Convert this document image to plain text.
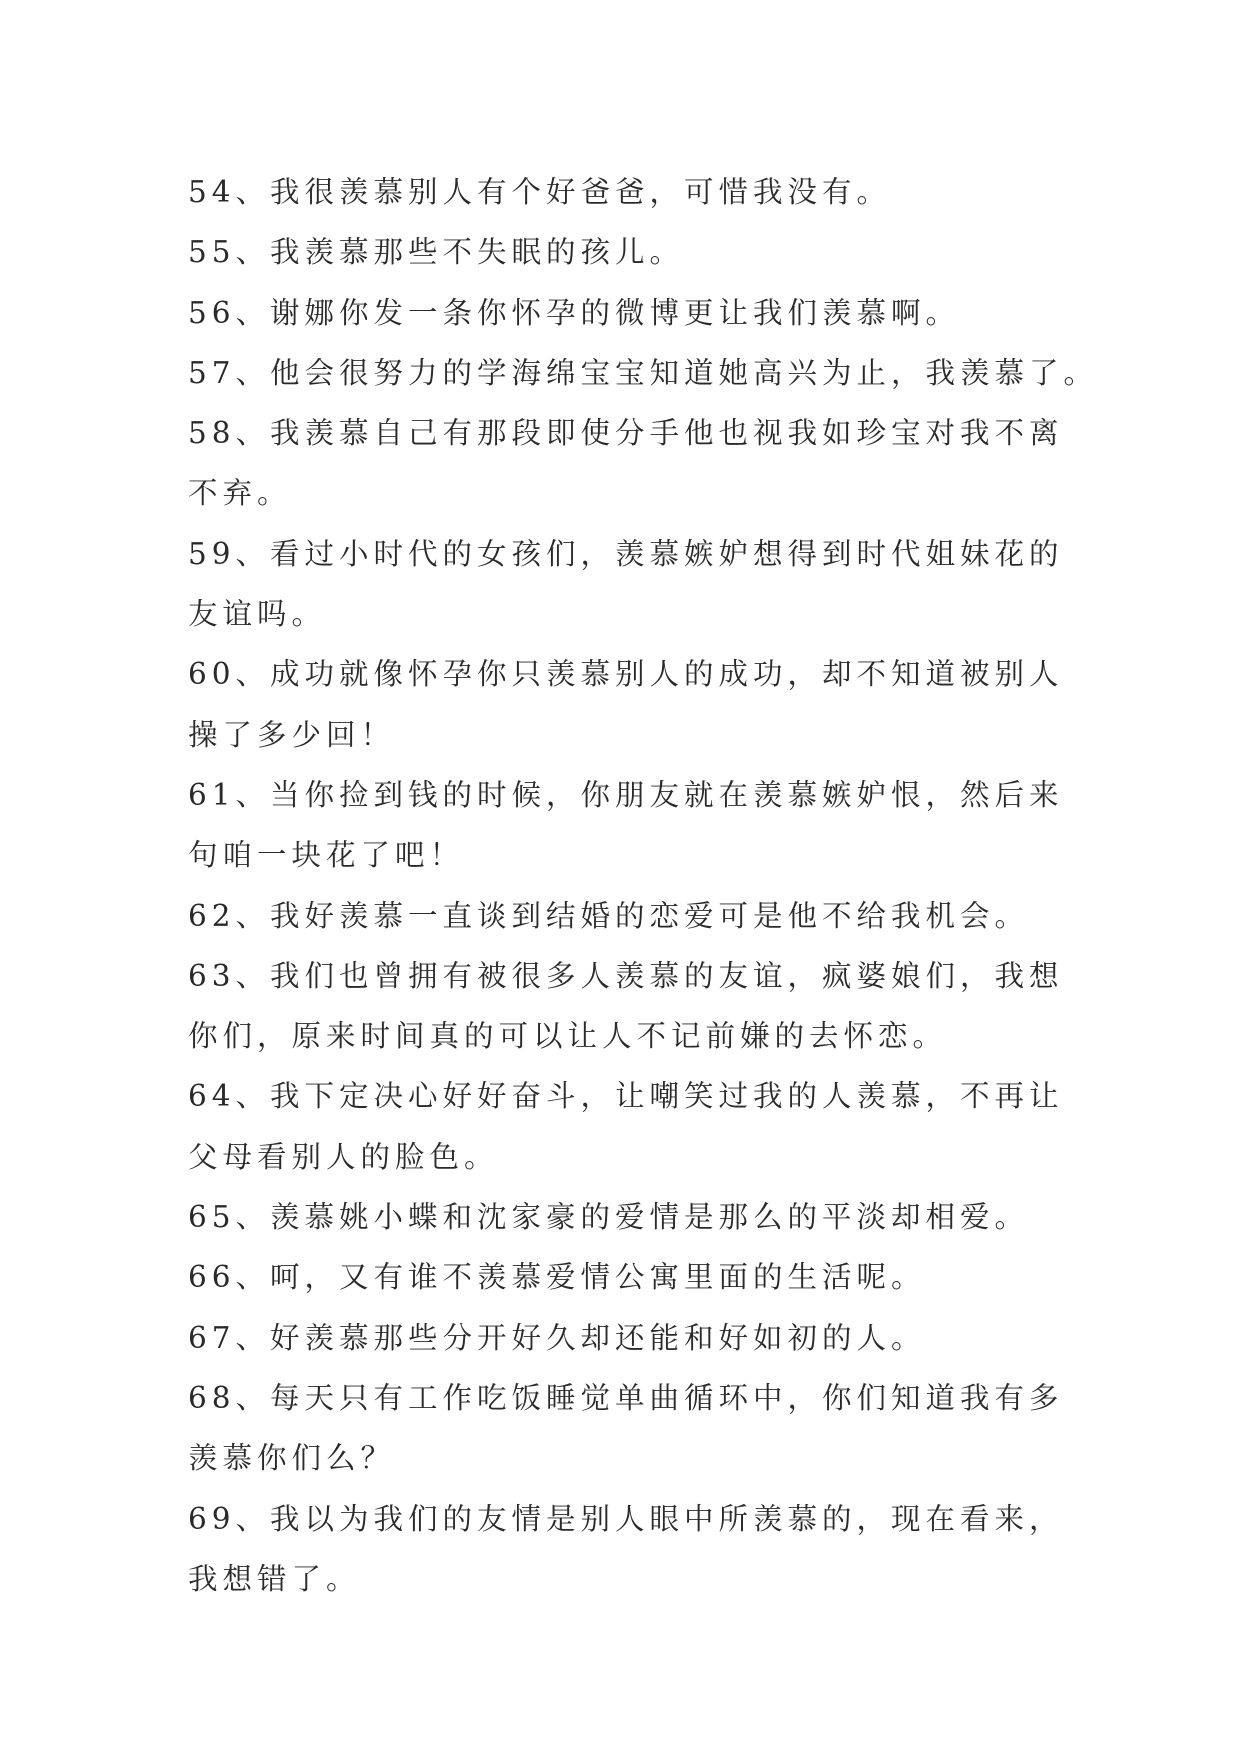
54、我很羡慕别人有个好爸爸，可惜我没有。

55、我羡慕那些不失眠的孩儿。

56、谢娜你发一条你怀孕的微博更让我们羡慕啊。

57、他会很努力的学海绵宝宝知道她高兴为止，我羡慕了。

58、我羡慕自己有那段即使分手他也视我如珍宝对我不离不弃。

59、看过小时代的女孩们，羡慕嫉妒想得到时代姐妹花的友谊吗。

60、成功就像怀孕你只羡慕别人的成功，却不知道被别人操了多少回！

61、当你捡到钱的时候，你朋友就在羡慕嫉妒恨，然后来句咱一块花了吧！

62、我好羡慕一直谈到结婚的恋爱可是他不给我机会。

63、我们也曾拥有被很多人羡慕的友谊，疯婆娘们，我想你们，原来时间真的可以让人不记前嫌的去怀恋。

64、我下定决心好好奋斗，让嘲笑过我的人羡慕，不再让父母看别人的脸色。

65、羡慕姚小蝶和沈家豪的爱情是那么的平淡却相爱。

66、呵，又有谁不羡慕爱情公寓里面的生活呢。

67、好羡慕那些分开好久却还能和好如初的人。

68、每天只有工作吃饭睡觉单曲循环中，你们知道我有多羡慕你们么？

69、我以为我们的友情是别人眼中所羡慕的，现在看来，我想错了。
